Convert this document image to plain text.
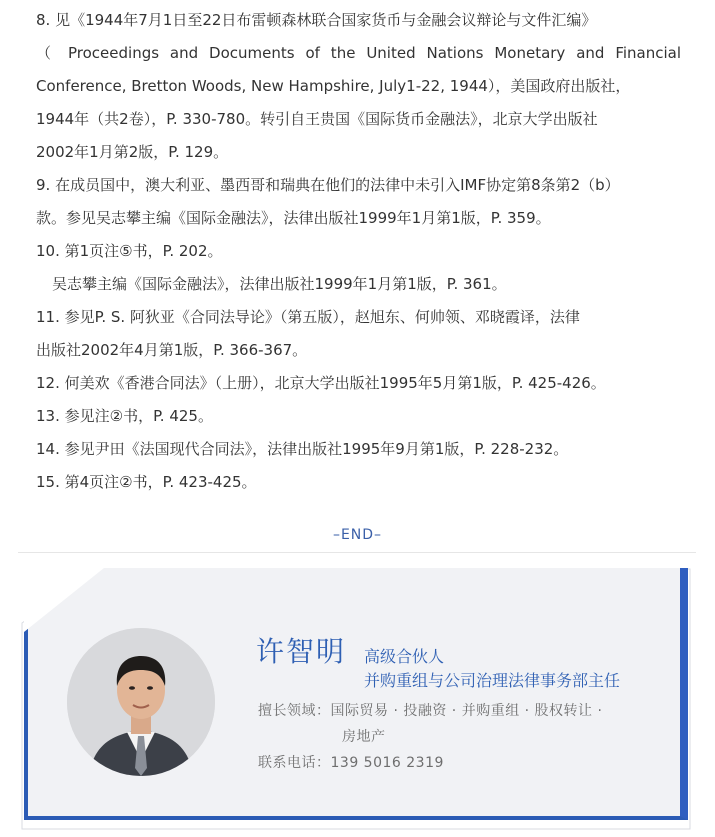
8. 见《1944年7月1日至22日布雷顿森林联合国家货币与金融会议辩论与文件汇编》

（ Proceedings and Documents of the United Nations Monetary and Financial

Conference, Bretton Woods, New Hampshire, July1-22, 1944），美国政府出版社，

1944年（共2卷），P. 330-780。转引自王贵国《国际货币金融法》，北京大学出版社

2002年1月第2版，P. 129。

9. 在成员国中，澳大利亚、墨西哥和瑞典在他们的法律中未引入IMF协定第8条第2（b）

款。参见吴志攀主编《国际金融法》，法律出版社1999年1月第1版，P. 359。

10. 第1页注⑤书，P. 202。

吴志攀主编《国际金融法》，法律出版社1999年1月第1版，P. 361。

11. 参见P. S. 阿狄亚《合同法导论》（第五版），赵旭东、何帅领、邓晓霞译，法律

出版社2002年4月第1版，P. 366-367。

12. 何美欢《香港合同法》（上册），北京大学出版社1995年5月第1版，P. 425-426。

13. 参见注②书，P. 425。

14. 参见尹田《法国现代合同法》，法律出版社1995年9月第1版，P. 228-232。

15. 第4页注②书，P. 423-425。

–END–
许智明 高级合伙人
并购重组与公司治理法律事务部主任
擅长领域：国际贸易 · 投融资 · 并购重组 · 股权转让 ·
房地产
联系电话：139 5016 2319
